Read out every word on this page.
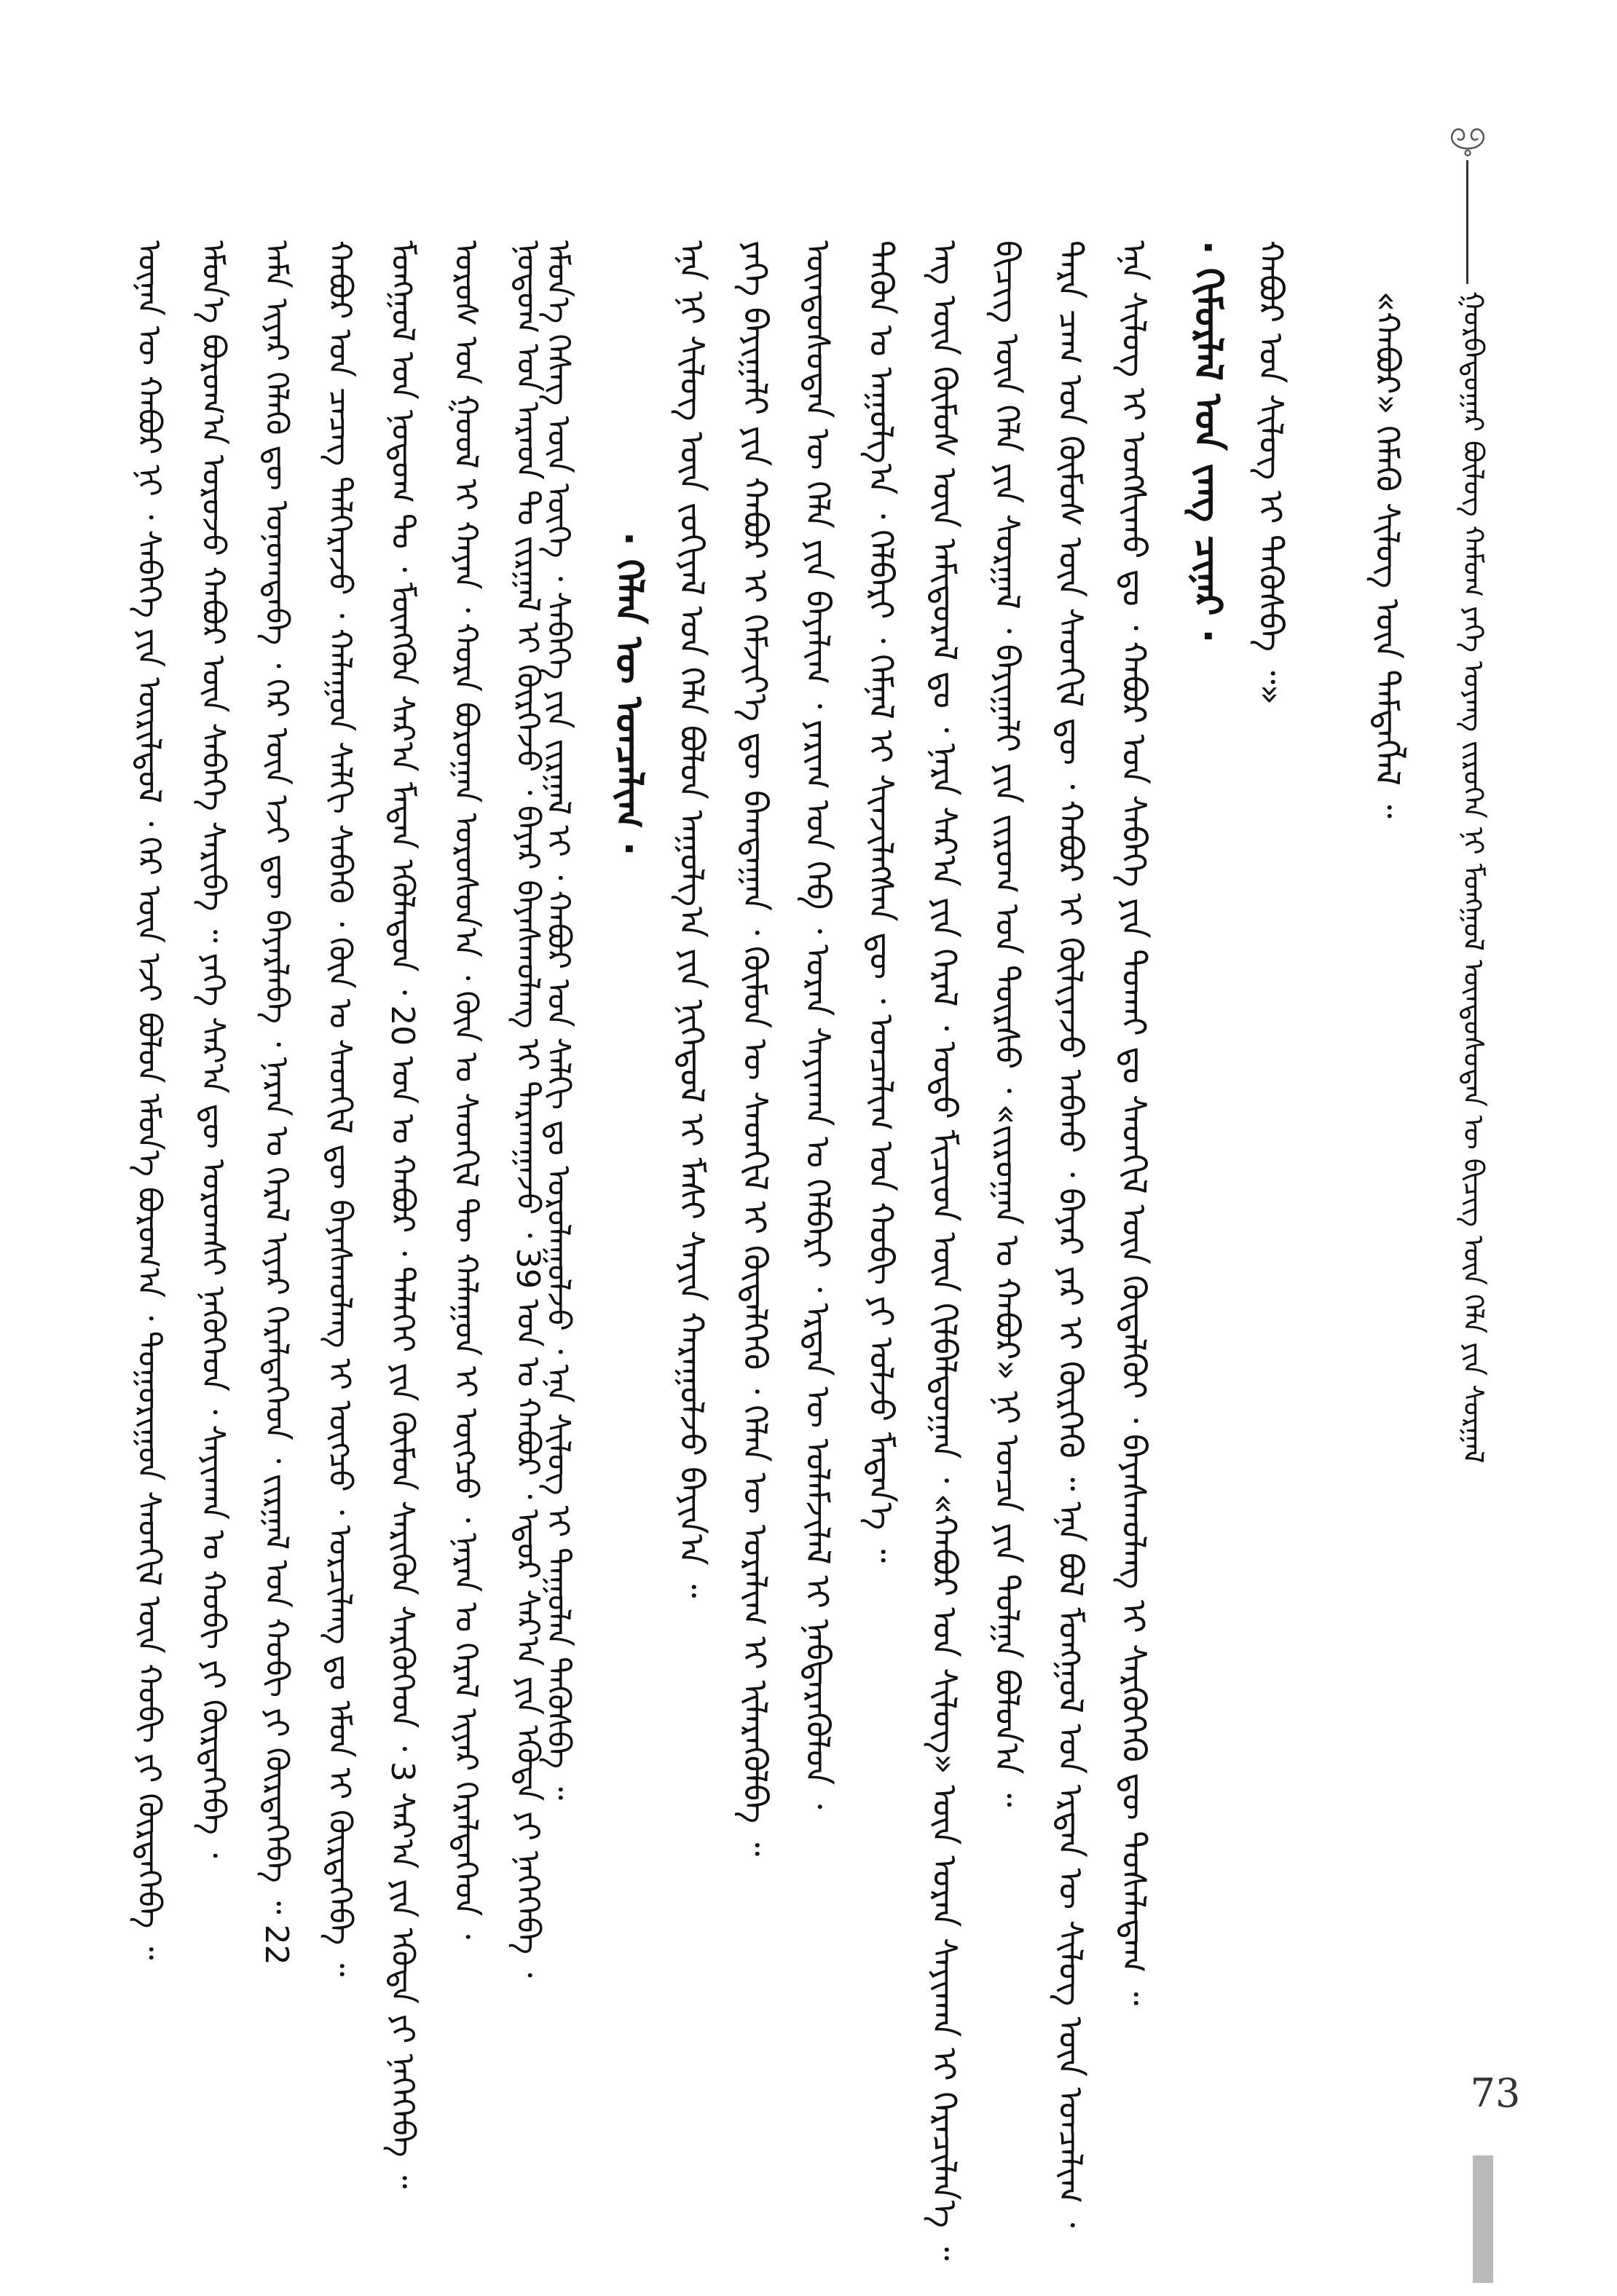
ᠭᠤᠷᠪᠠᠳᠤᠭᠠᠷ ᠪᠦᠯᠦᠭ ᠬᠠᠮᠤᠭ ᠶᠡᠬᠡ ᠤᠶᠠᠩ ᠵᠢᠷᠦᠭᠡᠨ ᠨᠢ ᠮᠣᠩᠭᠣᠯ ᠦᠨᠳᠦᠰᠦᠲᠡᠨ ᠦ ᠪᠢᠴᠢᠭ ᠦᠨ ᠬᠡᠯᠡ ᠶᠢᠨ ᠰᠤᠷᠭᠠᠯ
ᠡᠮᠦᠨ᠎ᠡ ᠪᠣᠷᠣᠭ᠎ᠠ ᠣᠷᠤᠵᠤ ᠬᠠᠪᠤᠷ ᠦᠨ ᠰᠡᠪᠡᠭᠡ ᠰᠡᠷᠢᠪᠡ ᠃ ᠶᠡᠬᠡ ᠰᠠᠷ᠎ᠠ ᠳᠦ ᠤᠷᠤᠭᠰᠢ ᠨᠡᠭᠦᠭᠡᠳ ᠂ ᠰᠠᠶᠢᠬᠠᠨ ᠤ ᠬᠤᠪᠢ ᠶᠢ ᠬᠦᠷᠲᠡᠭᠡᠪᠡ ᠂ ᠠᠮᠠ ᠢᠶᠠᠷ ᠬᠡᠯᠡᠬᠦ ᠳᠦ ᠣᠨᠣᠭᠳᠠᠪᠠ ᠂ ᠭᠡᠷ ᠦᠨ ᠡᠵᠢ ᠳᠦ ᠪᠠᠶᠠᠷᠯᠠᠪᠠ ᠂ ᠨᠠᠷᠠᠨ ᠤ ᠭᠡᠷᠡᠯ ᠢᠶᠡᠷ ᠭᠡᠷᠡᠯᠲᠡᠭᠡᠳ ᠂ ᠵᠢᠷᠭᠠᠯ ᠤᠨ ᠬᠤᠪᠢ ᠶᠢ ᠬᠦᠷᠲᠡᠭᠡᠪᠡ ᠃ 22 ᠬᠠᠪᠤᠷ ᠤᠨ ᠴᠡᠴᠡᠭ ᠳᠡᠯᠭᠡᠷᠡᠵᠦ ᠂ ᠬᠠᠯᠠᠭᠤᠨ ᠰᠠᠯᠬᠢ ᠰᠡᠪᠡᠬᠦ ᠂ ᠬᠦᠨ ᠤ ᠰᠡᠳᠬᠢᠯ ᠳᠦ ᠪᠠᠶᠠᠰᠬᠤᠯᠠᠩ ᠢ ᠥᠭᠴᠦ ᠂ ᠣᠷᠴᠢᠯᠠᠩ ᠳᠤ ᠡᠮᠦᠨ ᠢ ᠬᠦᠷᠲᠡᠭᠡᠪᠡ ᠃ ᠮᠣᠩᠭᠣᠯ ᠤᠨ ᠨᠤᠲᠤᠭ ᠲᠤ ᠂ ᠮᠥᠩᠭᠦᠨ ᠰᠠᠷ᠎ᠠ ᠮᠡᠳᠡᠨ ᠡᠭᠦᠯᠡᠳᠦᠨ ᠂ 20 ᠣᠨ ᠤ ᠬᠠᠪᠤᠷ ᠂ ᠳᠡᠯᠡᠬᠡᠢ ᠶᠢᠨ ᠬᠦᠮᠦᠨ ᠰᠡᠷᠢᠭᠦᠨ ᠰᠡᠷᠭᠦᠭᠡᠳ ᠂ 3 ᠰᠠᠷ᠎ᠠ ᠶᠢᠨ ᠡᠭᠦᠳᠡ ᠶᠢ ᠨᠡᠭᠡᠭᠡᠪᠡ ᠃ ᠤᠷᠤᠰ ᠤᠨ ᠭᠣᠣᠯ ᠢ ᠬᠠᠶᠠᠨ ᠂ ᠬᠤᠷᠠ ᠪᠣᠷᠣᠭᠠᠨ ᠤᠷᠤᠰᠤᠨ᠎ᠠ ᠂ ᠬᠦᠨ ᠤ ᠰᠡᠳᠬᠢᠯ ᠲᠦ ᠬᠠᠯᠠᠭᠤᠨ ᠢ ᠥᠭᠴᠦ ᠂ ᠨᠠᠷᠠᠨ ᠤ ᠭᠡᠷᠡᠯ ᠢᠶᠡᠷ ᠭᠡᠷᠡᠯᠲᠡᠭᠡᠳ ᠂ ᠨᠤᠲᠤᠭ ᠤᠨ ᠠᠷᠠᠳ ᠲᠤ ᠵᠢᠷᠭᠠᠯ ᠢ ᠬᠦᠷᠭᠡᠵᠦ ᠂ ᠪᠠᠶᠠᠷ ᠪᠠᠶᠠᠰᠬᠤᠯᠠᠩ ᠢ ᠲᠠᠷᠬᠠᠭᠠᠵᠤ ᠂ 39 ᠣᠨ ᠤ ᠬᠠᠪᠤᠷ ᠂ ᠡᠳᠦᠷ ᠰᠠᠷ᠎ᠠ ᠶᠢᠨ ᠡᠭᠦᠳᠡ ᠶᠢ ᠨᠡᠭᠡᠭᠡᠪᠡ ᠂
ᠦᠨᠡᠨ ᠦ ᠬᠠᠪᠤᠷ ᠨᠢ ᠂ ᠰᠡᠪᠡᠭᠡ ᠶᠢᠨ ᠦᠷᠢᠯᠳᠦᠯ ᠂ ᠭᠡᠷ ᠦᠨ ᠡᠵᠢ ᠪᠣᠯᠤᠨ ᠡᠮᠦᠨ᠎ᠡ ᠪᠣᠷᠣᠭ᠎ᠠ ᠂ ᠲᠣᠭᠤᠷᠢᠭᠤᠨ ᠰᠡᠳᠬᠢᠯ ᠦᠨ ᠬᠤᠪᠢ ᠶᠢ ᠬᠦᠷᠲᠡᠭᠡᠪᠡ ᠃	ᠡᠮᠦᠨ᠎ᠡ ᠬᠡᠰᠡᠭ ᠦᠨ ᠦᠭᠡ ᠂ ᠰᠡᠪᠡᠭᠡ ᠶᠢᠨ ᠵᠢᠷᠭᠠᠯ ᠢ ᠂ ᠬᠠᠪᠤᠷ ᠤᠨ ᠰᠠᠯᠬᠢ ᠳᠤ ᠣᠷᠤᠯᠠᠭᠤᠯᠵᠤ ᠂ ᠡᠨᠡ ᠰᠢᠯᠦᠭ ᠢ ᠳᠠᠭᠤᠯᠠᠨ ᠲᠡᠭᠦᠰᠪᠡ ᠃ · ᠬᠡᠯᠡᠨ ᠦ ᠣᠨᠴᠠᠯᠢᠭ · ᠡᠨᠡ ᠨᠢ ᠰᠢᠯᠦᠭ ᠦᠨ ᠵᠣᠬᠢᠶᠠᠯ ᠤᠨ ᠬᠡᠯᠡ ᠪᠣᠯᠤᠨ ᠠᠭᠤᠯᠭ᠎ᠠ ᠶᠢᠨ ᠨᠢᠭᠡᠳᠦᠯ ᠢ ᠮᠠᠰᠢ ᠰᠠᠶᠢᠨ ᠬᠠᠷᠠᠭᠤᠯᠵᠤ ᠪᠠᠶᠢᠨ᠎ᠠ ᠃ ᠶᠡᠬᠡ ᠪᠠᠶᠢᠭᠠᠯᠢ ᠶᠢᠨ ᠬᠠᠪᠤᠷ ᠢ ᠬᠡᠮᠵᠢᠶ᠎ᠡ ᠳᠦ ᠪᠠᠭᠲᠠᠭᠠᠨ ᠂ ᠬᠦᠮᠦᠨ ᠦ ᠰᠡᠳᠬᠢᠯ ᠢ ᠬᠦᠳᠡᠯᠭᠡᠬᠦ ᠂ ᠬᠡᠯᠡᠨ ᠦ ᠤᠷᠠᠯᠢᠭ ᠢ ᠢᠯᠡᠷᠡᠭᠦᠯᠪᠡ ᠃ ᠦᠨᠳᠦᠰᠦᠲᠡᠨ ᠦ ᠬᠡᠯᠡ ᠶᠢᠨ ᠪᠠᠶᠠᠯᠢᠭ ᠂ ᠶᠠᠷᠢᠭ ᠤᠨ ᠬᠡᠪ ᠂ ᠤᠷᠠᠨ ᠰᠠᠶᠢᠬᠠᠨ ᠤ ᠬᠡᠯᠪᠡᠷᠢ ᠂ ᠡᠷᠲᠡᠨ ᠦ ᠤᠯᠠᠮᠵᠢᠯᠠᠯ ᠢ ᠨᠡᠪᠲᠡᠷᠡᠭᠦᠯᠦᠨ ᠂ ᠲᠡᠭᠦᠨ ᠤ ᠠᠭᠤᠯᠭ᠎ᠠ ᠂ ᠬᠡᠯᠪᠡᠷᠢ ᠂ ᠬᠡᠮᠨᠡᠯ ᠢ ᠰᠢᠨᠵᠢᠯᠡᠭᠰᠡᠨ ᠳᠦ ᠂ ᠣᠨᠴᠠᠯᠢᠭ ᠤᠨ ᠬᠤᠪᠢ ᠶᠢ ᠣᠯᠵᠤ ᠮᠡᠳᠡᠨ᠎ᠡ ᠃ ᠡᠩ ᠦᠨ ᠬᠦᠮᠦᠰ ᠦᠨ ᠠᠮᠢᠳᠤᠷᠠᠯ ᠳᠤ ᠂ ᠨᠠᠷᠠ ᠰᠠᠷ᠎ᠠ ᠶᠢᠨ ᠭᠡᠷᠡᠯ ᠂ ᠣᠳᠣ ᠮᠢᠴᠢᠳ ᠦᠨ ᠭᠢᠯᠪᠠᠯᠳᠤᠭᠠᠨ ᠂ «ᠬᠠᠪᠤᠷ ᠤᠨ ᠰᠢᠯᠦᠭ» ᠦᠨ ᠤᠷᠠᠨ ᠰᠠᠶᠢᠬᠠᠨ ᠢ ᠭᠡᠷᠡᠴᠢᠯᠡᠨ᠎ᠡ ᠃ ᠪᠢᠴᠢᠭ ᠦᠨ ᠬᠡᠯᠡ ᠶᠢᠨ ᠰᠤᠷᠭᠠᠯ ᠂ ᠪᠠᠶᠢᠭᠠᠯᠢ ᠶᠢᠨ ᠵᠢᠷᠤᠭ ᠤᠨ ᠳᠦᠷᠰᠦ ᠂ «ᠵᠢᠷᠤᠭᠠᠨ ᠤ ᠬᠠᠪᠤᠷ» ᠨᠢ ᠣᠨᠴᠠ ᠶᠢᠨ ᠲᠤᠯᠭᠠ ᠪᠣᠯᠤᠨ᠎ᠠ ᠃ ᠲᠡᠷᠡ ᠴᠠᠭ ᠤᠨ ᠬᠦᠮᠦᠰ ᠦᠨ ᠰᠡᠳᠬᠢᠯ ᠳᠦ ᠂ ᠬᠠᠪᠤᠷ ᠢ ᠬᠦᠯᠢᠶᠡᠵᠦ ᠠᠪᠬᠤ ᠂ ᠪᠠᠶᠠᠷ ᠶᠠᠷ ᠢ ᠬᠦᠷᠭᠡᠬᠦ ᠃ ᠡᠨᠡ ᠪᠣᠯ ᠮᠣᠩᠭᠣᠯ ᠤᠨ ᠡᠷᠲᠡᠨ ᠦ ᠰᠢᠯᠦᠭ ᠦᠨ ᠣᠨᠴᠠᠯᠢᠭ ᠂ ᠡᠨᠡ ᠰᠢᠯᠦᠭ ᠢ ᠤᠩᠰᠢᠬᠤ ᠳᠤ ᠂ ᠬᠠᠪᠤᠷ ᠤᠨ ᠰᠡᠪᠡᠭᠡ ᠶᠢᠨ ᠲᠤᠬᠠᠢ ᠳᠤ ᠰᠡᠳᠬᠢᠯ ᠦᠨ ᠬᠥᠳᠡᠯᠬᠦᠢ ᠂ ᠪᠠᠶᠠᠰᠬᠤᠯᠠᠩ ᠢ ᠰᠡᠷᠭᠦᠭᠡᠬᠦ ᠳᠦ ᠲᠤᠰᠠᠯᠠᠳᠠᠭ ᠃ · ᠬᠢᠮᠤᠷᠯᠠᠯ ᠤᠨ ᠵᠠᠩ ᠴᠢᠨᠠᠷ · ᠬᠠᠪᠤᠷ ᠤᠨ ᠰᠢᠯᠦᠭ ᠢ ᠲᠡᠭᠦᠰᠪᠡ ᠃» «ᠬᠠᠪᠤᠷ» ᠬᠡᠮᠡᠬᠦ ᠰᠢᠯᠦᠭ ᠦᠨ ᠲᠡᠮᠳᠡᠭᠯᠡᠯ ᠃
73
